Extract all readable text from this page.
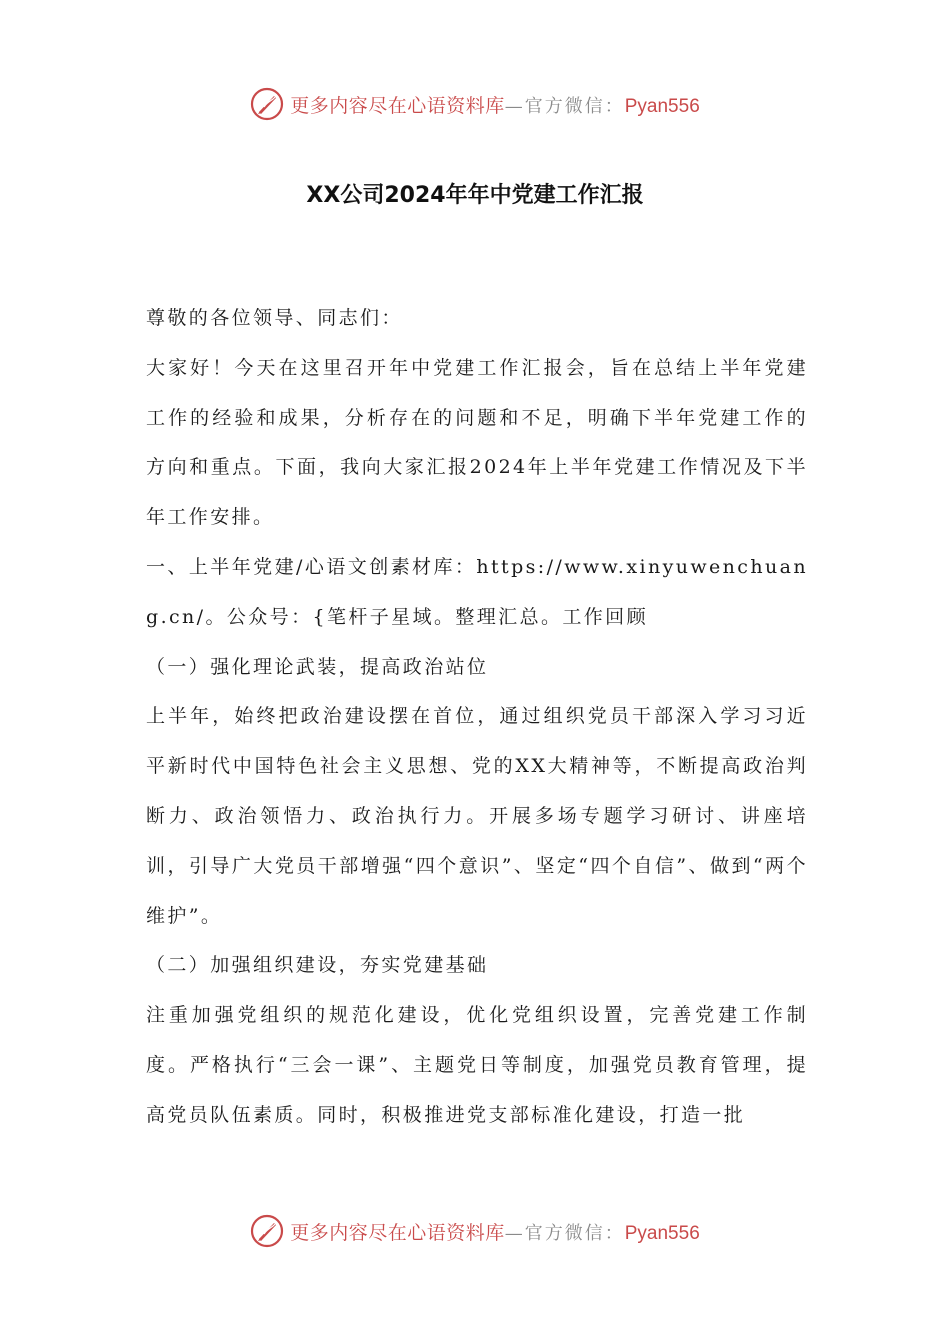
更多内容尽在心语资料库—官方微信：Pyan556
XX公司2024年年中党建工作汇报

尊敬的各位领导、同志们：

大家好！今天在这里召开年中党建工作汇报会，旨在总结上半年党建工作的经验和成果，分析存在的问题和不足，明确下半年党建工作的方向和重点。下面，我向大家汇报2024年上半年党建工作情况及下半年工作安排。

一、上半年党建/心语文创素材库：https://www.xinyuwenchuang.cn/。公众号：{笔杆子星域。整理汇总。工作回顾

（一）强化理论武装，提高政治站位

上半年，始终把政治建设摆在首位，通过组织党员干部深入学习习近平新时代中国特色社会主义思想、党的XX大精神等，不断提高政治判断力、政治领悟力、政治执行力。开展多场专题学习研讨、讲座培训，引导广大党员干部增强“四个意识”、坚定“四个自信”、做到“两个维护”。

（二）加强组织建设，夯实党建基础

注重加强党组织的规范化建设，优化党组织设置，完善党建工作制度。严格执行“三会一课”、主题党日等制度，加强党员教育管理，提高党员队伍素质。同时，积极推进党支部标准化建设，打造一批

更多内容尽在心语资料库—官方微信：Pyan556
